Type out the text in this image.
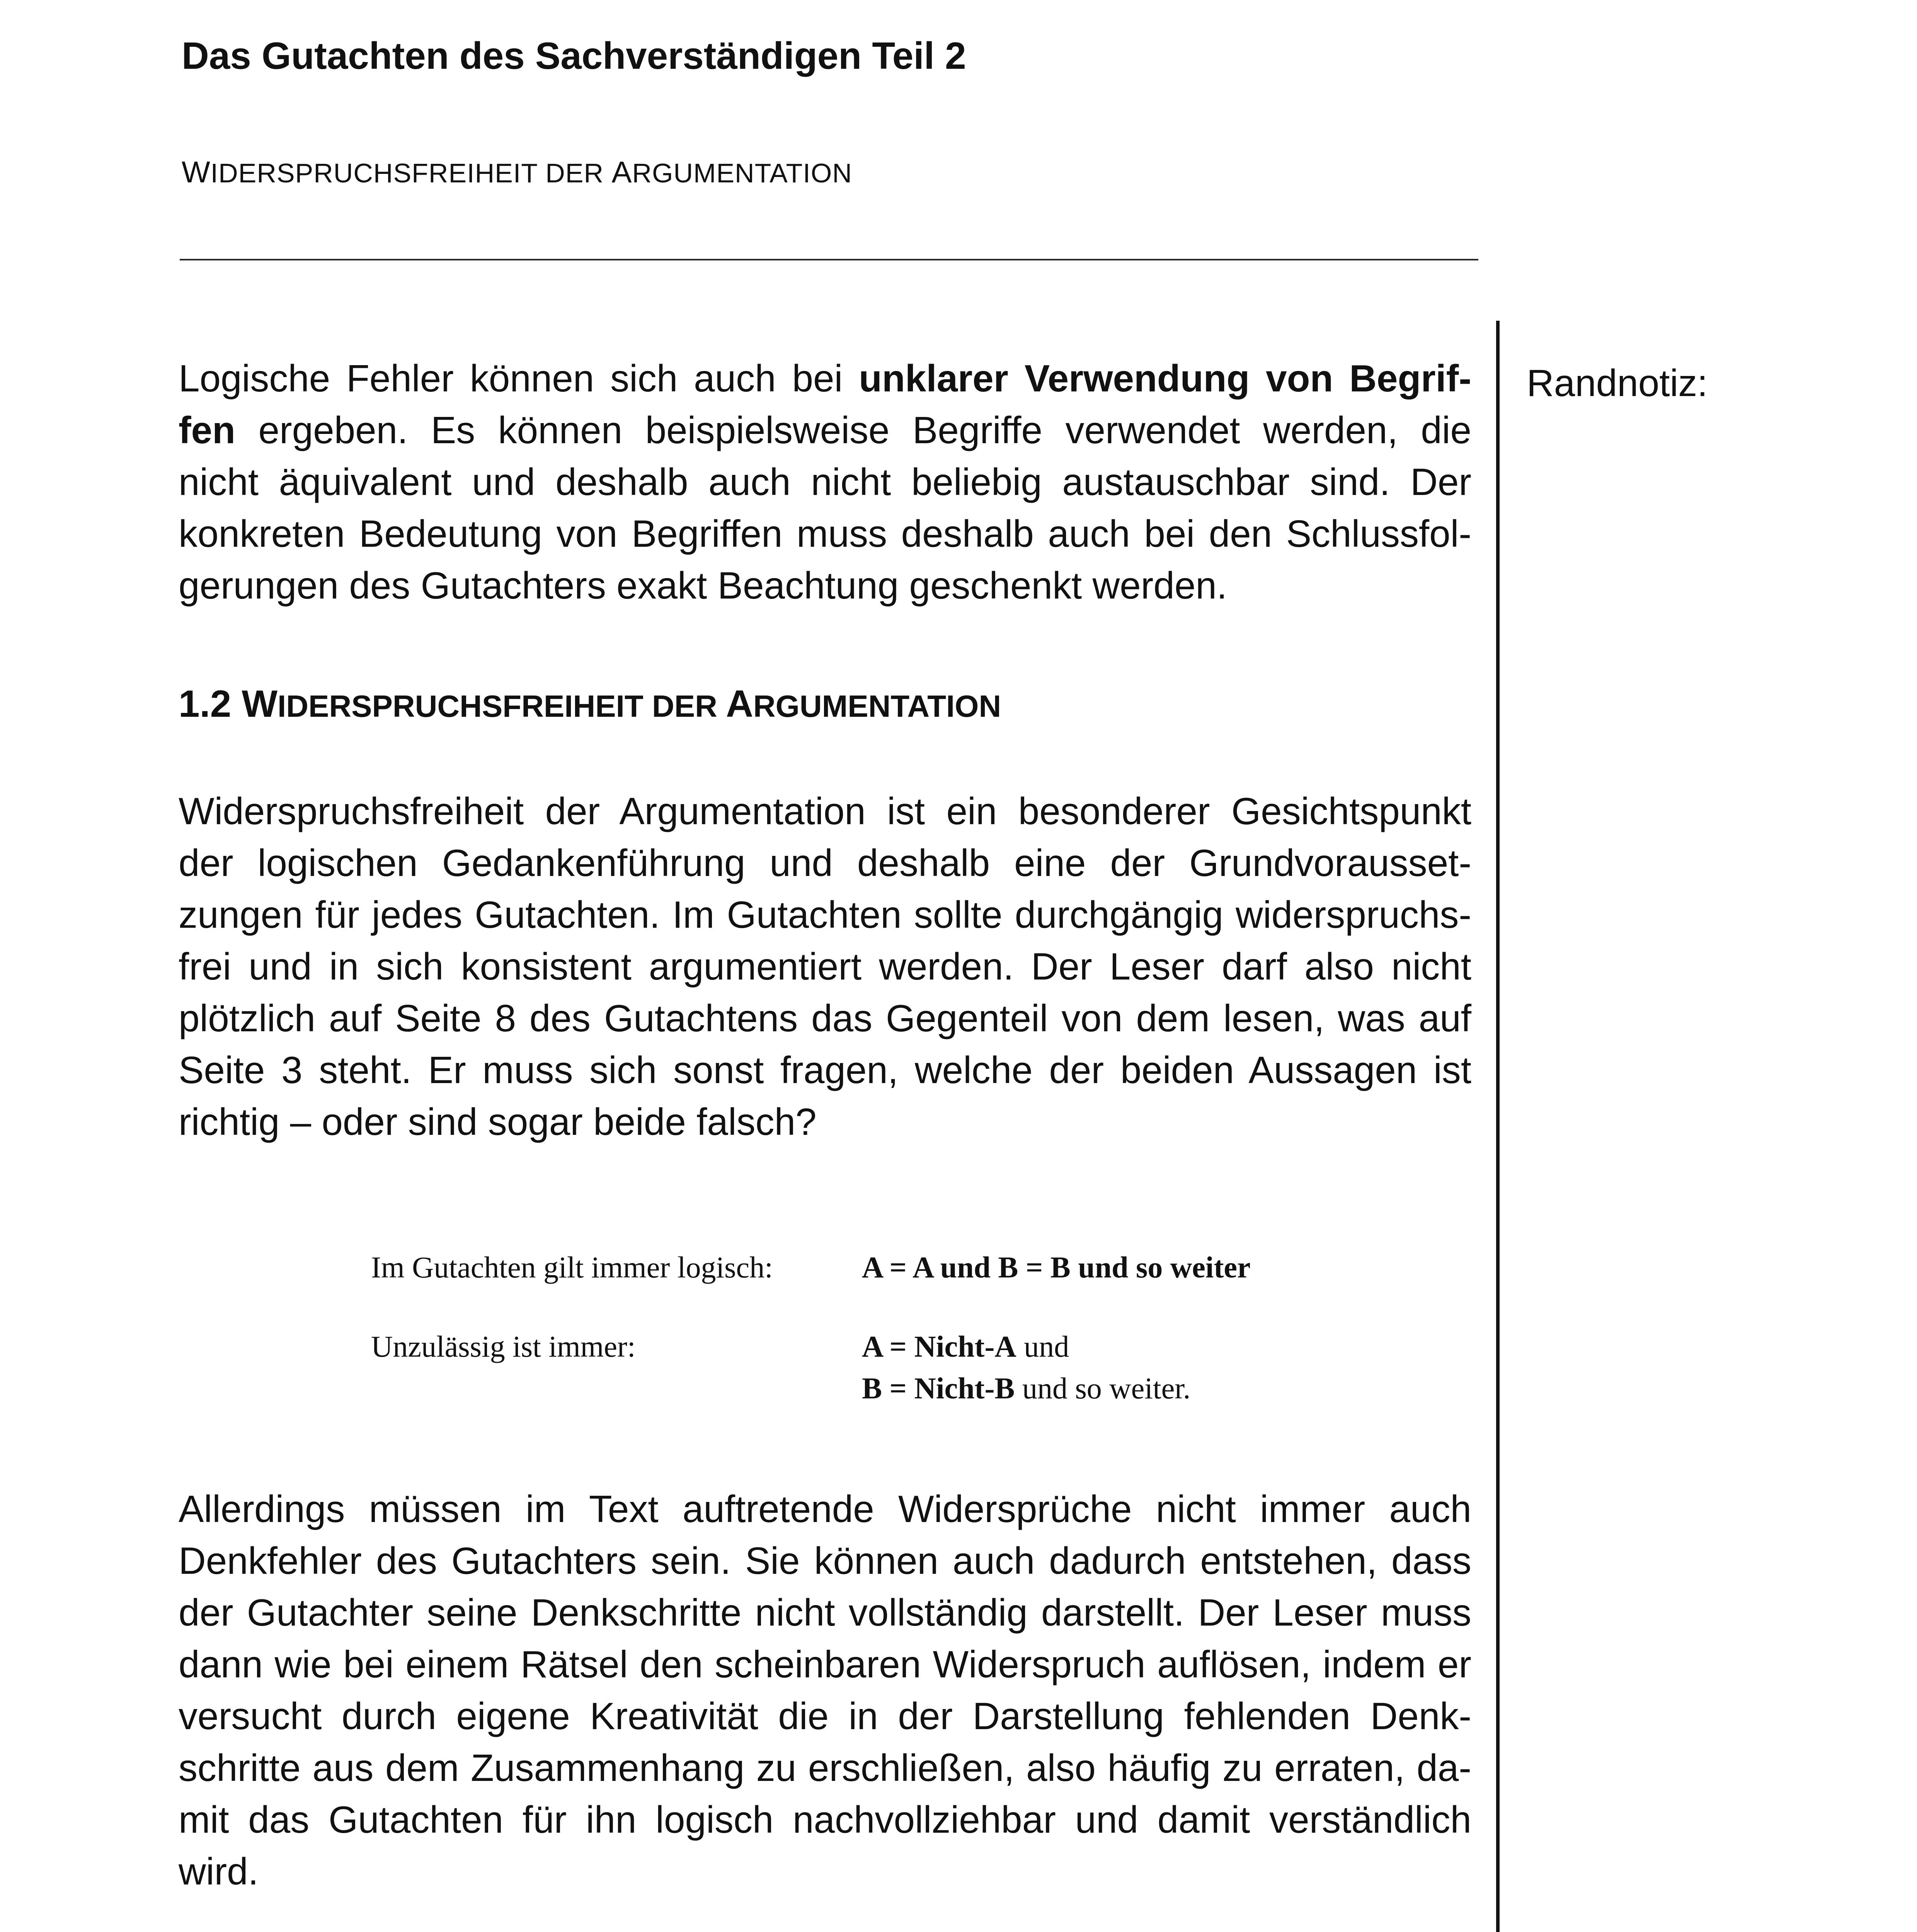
Das Gutachten des Sachverständigen Teil 2
WIDERSPRUCHSFREIHEIT DER ARGUMENTATION
Randnotiz:
Logische Fehler können sich auch bei unklarer Verwendung von Begrif-
fen ergeben. Es können beispielsweise Begriffe verwendet werden, die
nicht äquivalent und deshalb auch nicht beliebig austauschbar sind. Der
konkreten Bedeutung von Begriffen muss deshalb auch bei den Schlussfol-
gerungen des Gutachters exakt Beachtung geschenkt werden.
1.2 WIDERSPRUCHSFREIHEIT DER ARGUMENTATION
Widerspruchsfreiheit der Argumentation ist ein besonderer Gesichtspunkt
der logischen Gedankenführung und deshalb eine der Grundvorausset-
zungen für jedes Gutachten. Im Gutachten sollte durchgängig widerspruchs-
frei und in sich konsistent argumentiert werden. Der Leser darf also nicht
plötzlich auf Seite 8 des Gutachtens das Gegenteil von dem lesen, was auf
Seite 3 steht. Er muss sich sonst fragen, welche der beiden Aussagen ist
richtig – oder sind sogar beide falsch?
Im Gutachten gilt immer logisch:	A = A und B = B und so weiter
Unzulässig ist immer:	A = Nicht-A und
B = Nicht-B und so weiter.
Allerdings müssen im Text auftretende Widersprüche nicht immer auch
Denkfehler des Gutachters sein. Sie können auch dadurch entstehen, dass
der Gutachter seine Denkschritte nicht vollständig darstellt. Der Leser muss
dann wie bei einem Rätsel den scheinbaren Widerspruch auflösen, indem er
versucht durch eigene Kreativität die in der Darstellung fehlenden Denk-
schritte aus dem Zusammenhang zu erschließen, also häufig zu erraten, da-
mit das Gutachten für ihn logisch nachvollziehbar und damit verständlich
wird.
